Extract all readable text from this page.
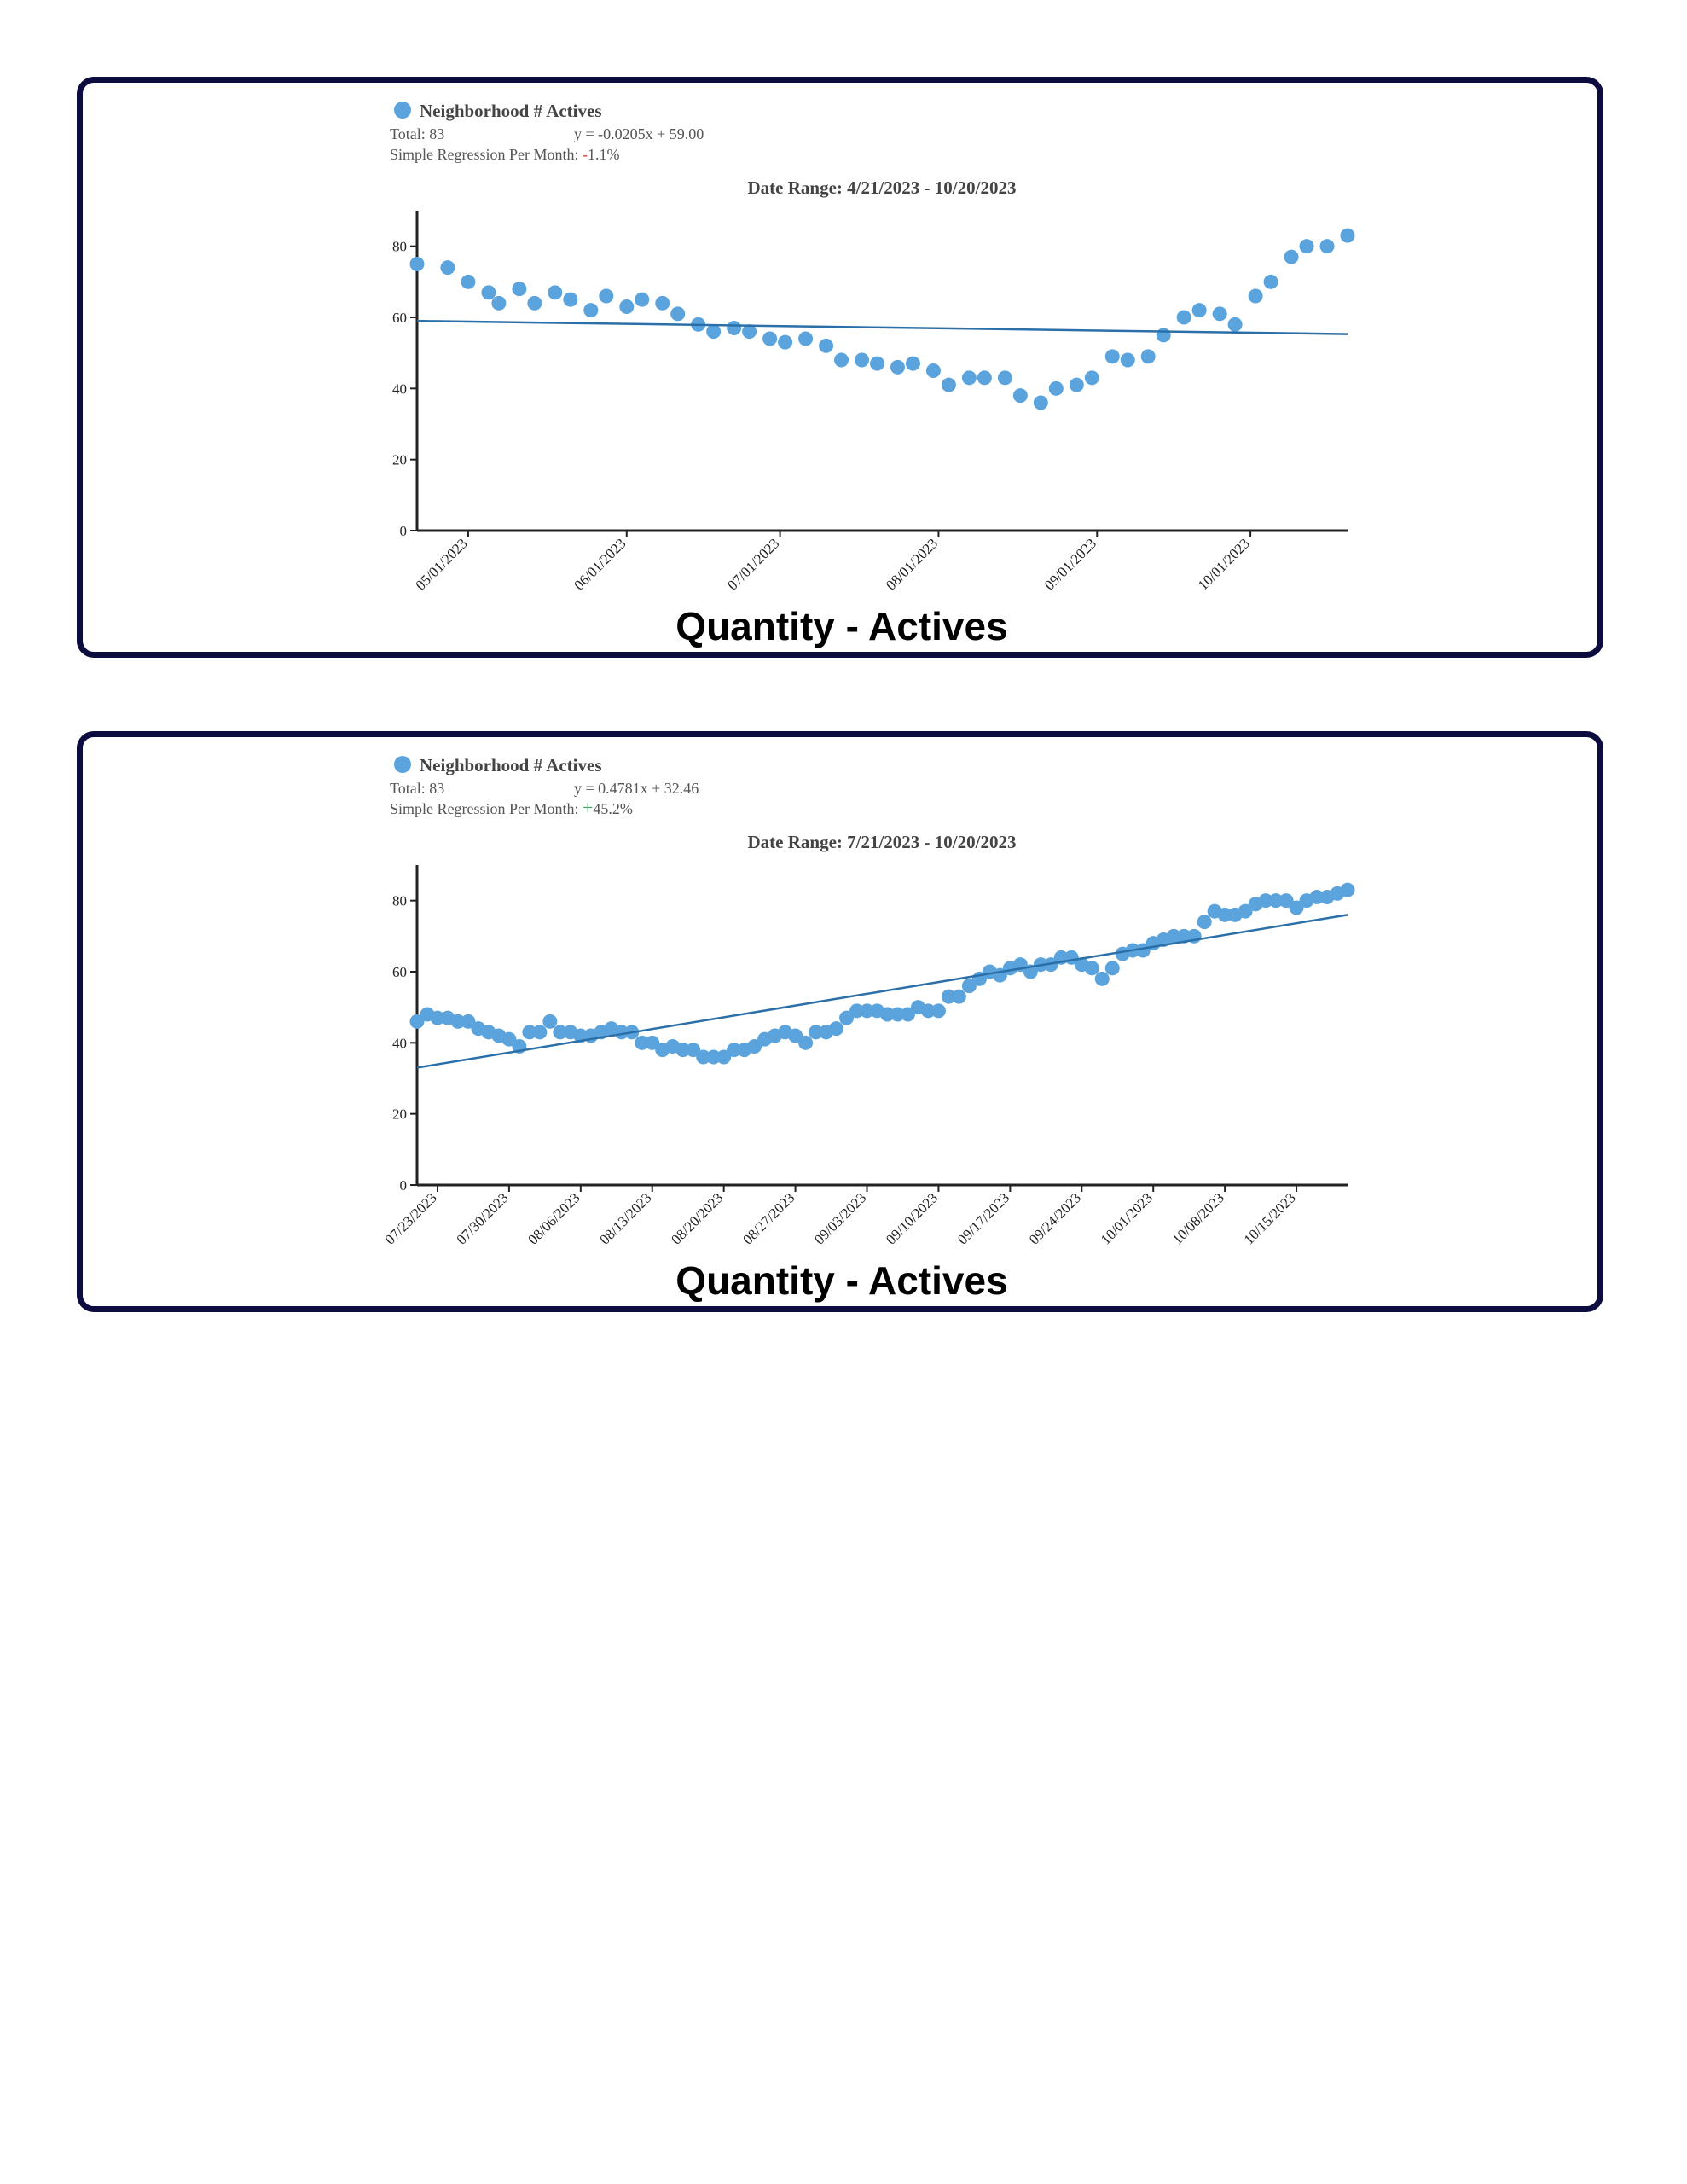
Neighborhood # Actives
Total: 83	y = -0.0205x + 59.00
Simple Regression Per Month: -1.1%
Date Range: 4/21/2023 - 10/20/2023
0
20
40
60
80
05/01/2023	06/01/2023	07/01/2023	08/01/2023	09/01/2023	10/01/2023
Quantity - Actives
Neighborhood # Actives
Total: 83	y = 0.4781x + 32.46
Simple Regression Per Month: +45.2%
Date Range: 7/21/2023 - 10/20/2023
0
20
40
60
80
07/23/2023 07/30/2023 08/06/2023 08/13/2023 08/20/2023 08/27/2023 09/03/2023 09/10/2023 09/17/2023 09/24/2023 10/01/2023 10/08/2023 10/15/2023
Quantity - Actives
